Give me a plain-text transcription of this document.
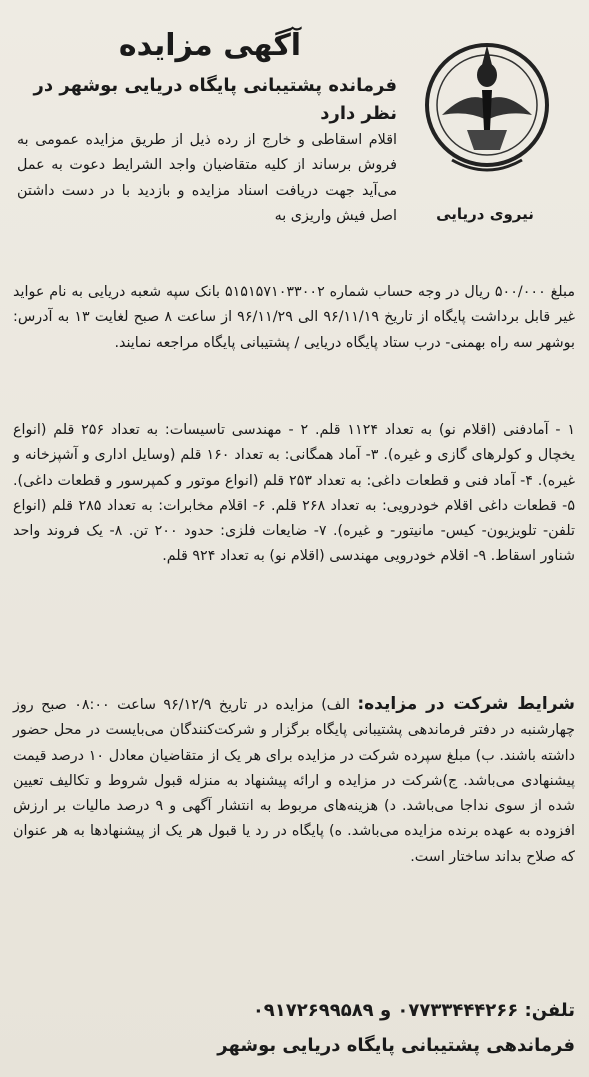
آگهی مزایده
نیروی دریایی
فرمانده پشتیبانی پایگاه دریایی بوشهر در نظر دارد
اقلام اسقاطی و خارج از رده ذیل از طریق مزایده عمومی به فروش برساند از کلیه متقاضیان واجد الشرایط دعوت به عمل می‌آید جهت دریافت اسناد مزایده و بازدید با در دست داشتن اصل فیش واریزی به
مبلغ ۵۰۰/۰۰۰ ریال در وجه حساب شماره ۵۱۵۱۵۷۱۰۳۳۰۰۲ بانک سپه شعبه دریایی به نام عواید غیر قابل برداشت پایگاه از تاریخ ۹۶/۱۱/۱۹ الی ۹۶/۱۱/۲۹ از ساعت ۸ صبح لغایت ۱۳ به آدرس: بوشهر سه راه بهمنی- درب ستاد پایگاه دریایی / پشتیبانی پایگاه مراجعه نمایند.
۱ - آمادفنی (اقلام نو) به تعداد ۱۱۲۴ قلم. ۲ - مهندسی تاسیسات: به تعداد ۲۵۶ قلم (انواع یخچال و کولرهای گازی و غیره). ۳- آماد همگانی: به تعداد ۱۶۰ قلم (وسایل اداری و آشپزخانه و غیره). ۴- آماد فنی و قطعات داغی: به تعداد ۲۵۳ قلم (انواع موتور و کمپرسور و قطعات داغی). ۵- قطعات داغی اقلام خودرویی: به تعداد ۲۶۸ قلم. ۶- اقلام مخابرات: به تعداد ۲۸۵ قلم (انواع تلفن- تلویزیون- کیس- مانیتور- و غیره). ۷- ضایعات فلزی: حدود ۲۰۰ تن. ۸- یک فروند واحد شناور اسقاط. ۹- اقلام خودرویی مهندسی (اقلام نو) به تعداد ۹۲۴ قلم.
شرایط شرکت در مزایده: الف) مزایده در تاریخ ۹۶/۱۲/۹ ساعت ۰۸:۰۰ صبح روز چهارشنبه در دفتر فرماندهی پشتیبانی پایگاه برگزار و شرکت‌کنندگان می‌بایست در محل حضور داشته باشند. ب) مبلغ سپرده شرکت در مزایده برای هر یک از متقاضیان معادل ۱۰ درصد قیمت پیشنهادی می‌باشد. ج)شرکت در مزایده و ارائه پیشنهاد به منزله قبول شروط و تکالیف تعیین شده از سوی نداجا می‌باشد. د) هزینه‌های مربوط به انتشار آگهی و ۹ درصد مالیات بر ارزش افزوده به عهده برنده مزایده می‌باشد. ه) پایگاه در رد یا قبول هر یک از پیشنهادها به هر عنوان که صلاح بداند ساختار است.
تلفن: ۰۷۷۳۳۴۴۴۲۶۶ و ۰۹۱۷۲۶۹۹۵۸۹
فرماندهی پشتیبانی پایگاه دریایی بوشهر
